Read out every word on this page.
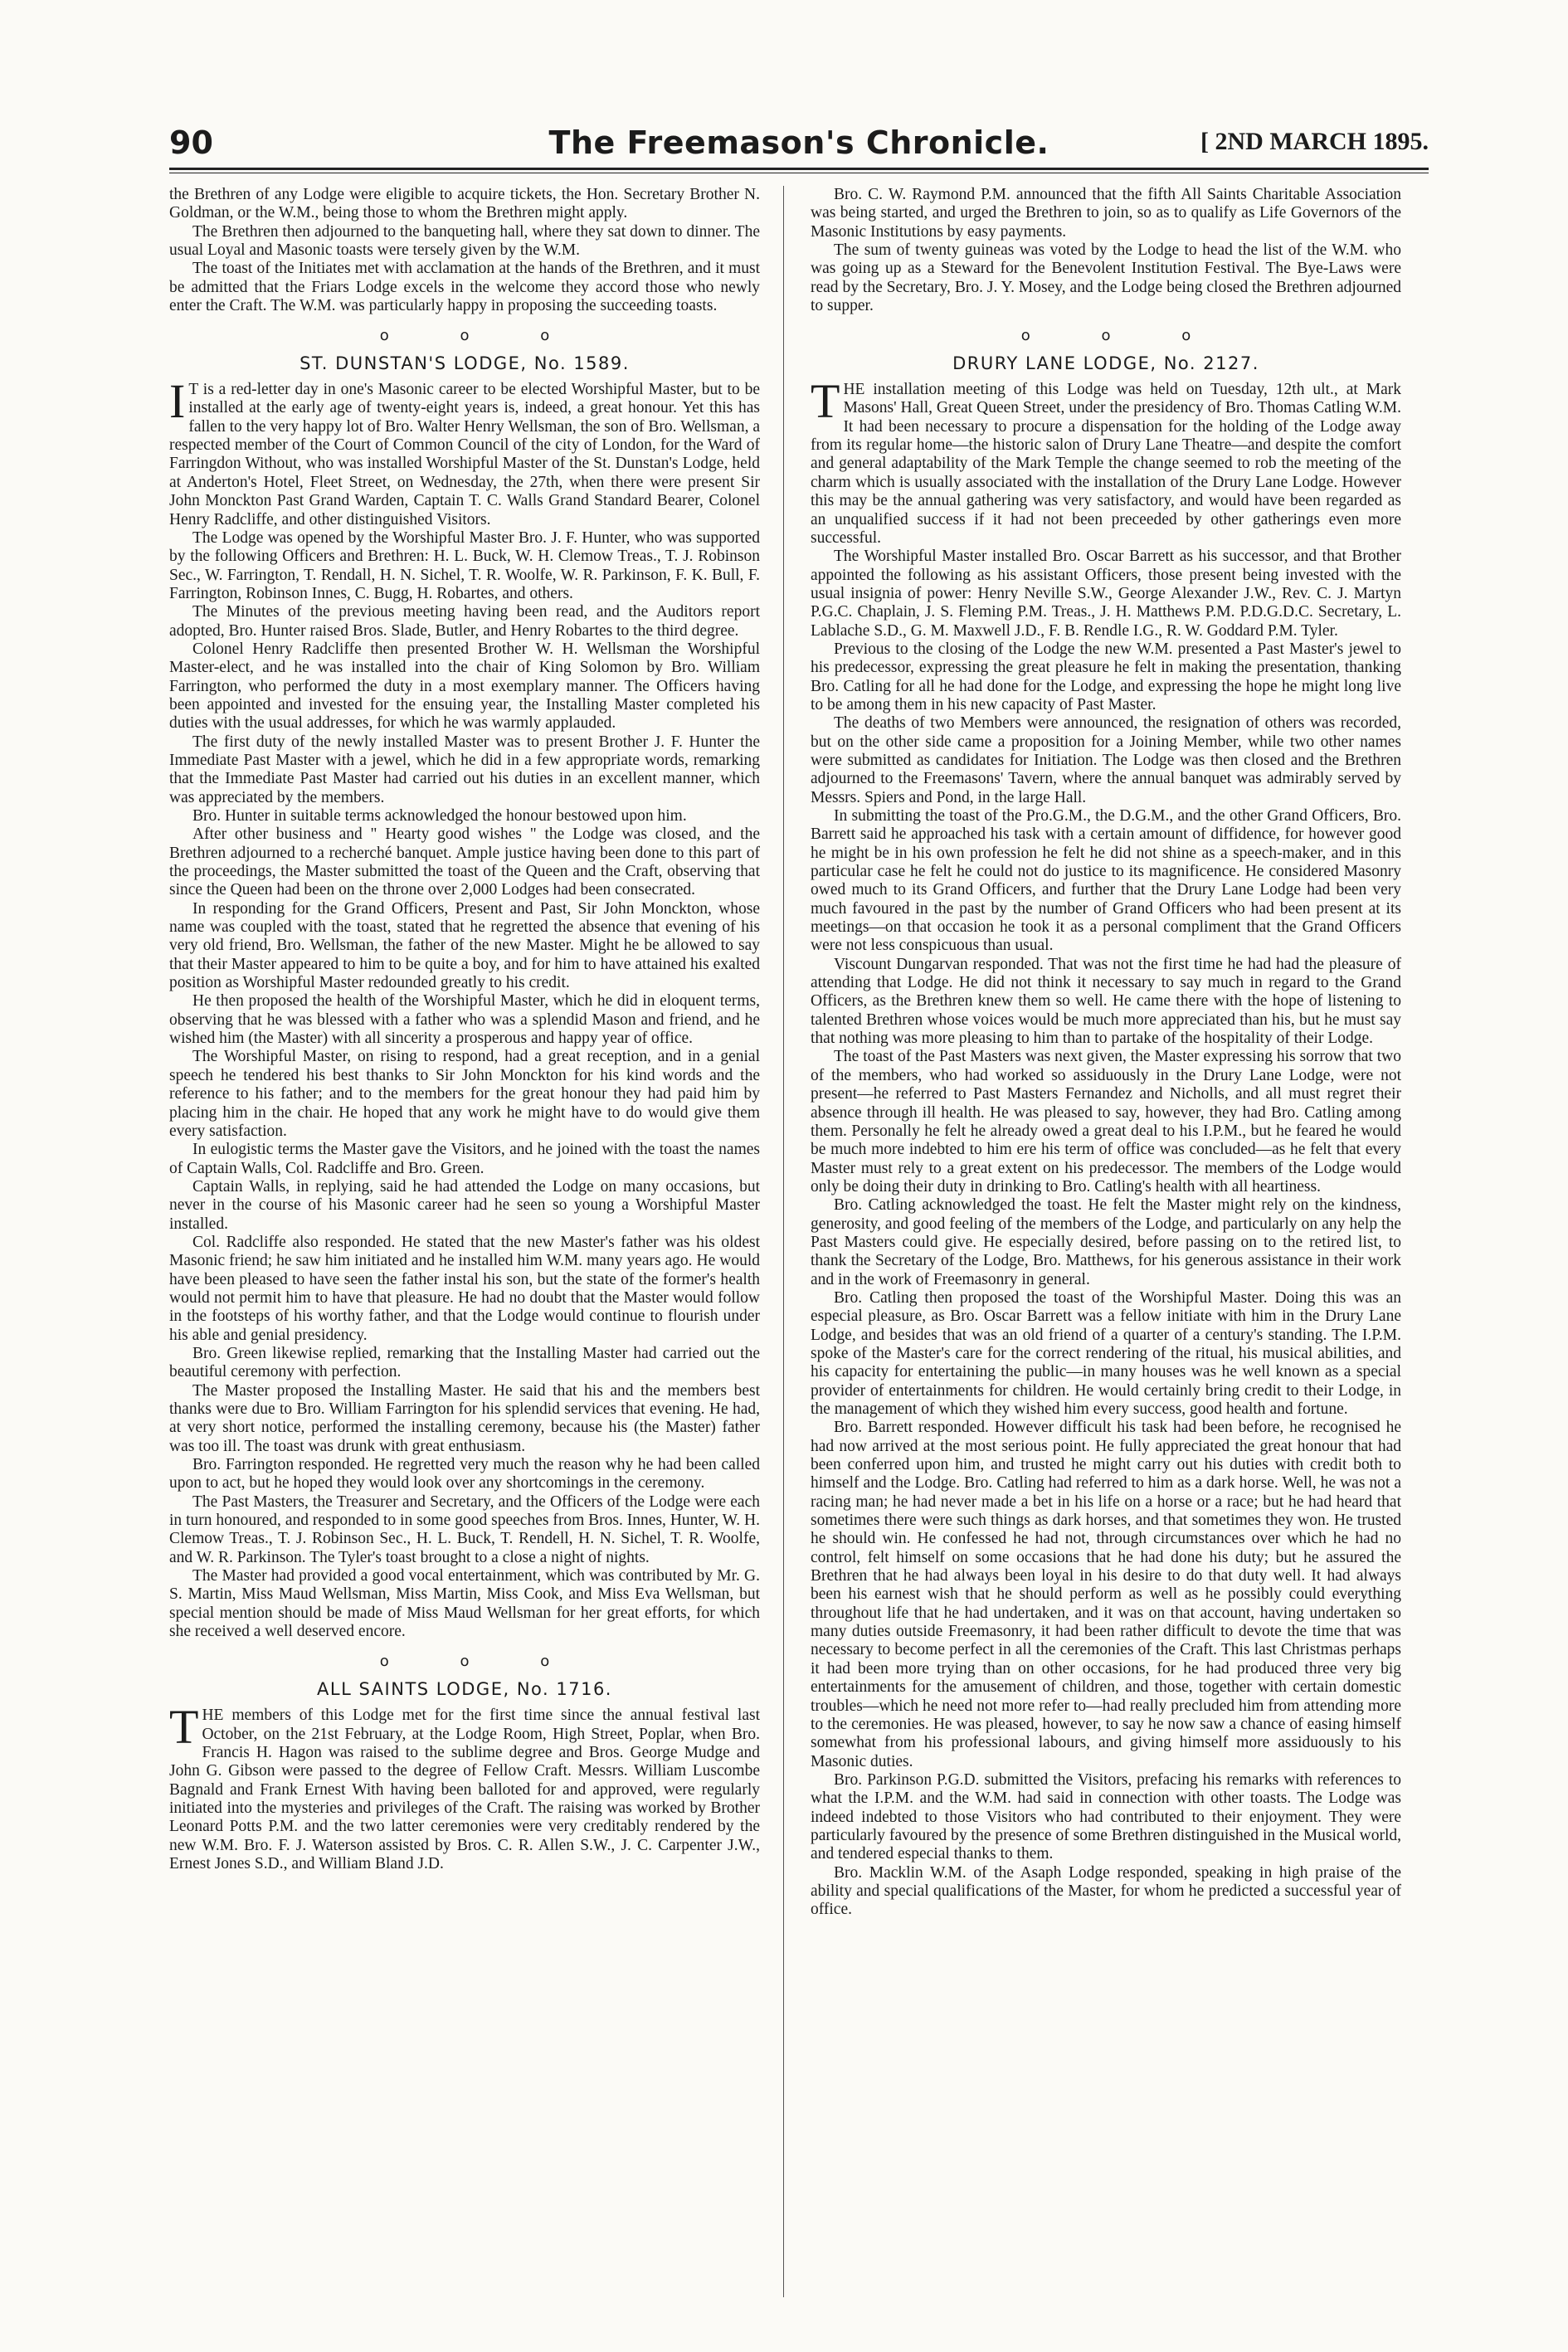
90	The Freemason's Chronicle.	[ 2ND MARCH 1895.

the Brethren of any Lodge were eligible to acquire tickets, the Hon. Secretary Brother N. Goldman, or the W.M., being those to whom the Brethren might apply.

The Brethren then adjourned to the banqueting hall, where they sat down to dinner. The usual Loyal and Masonic toasts were tersely given by the W.M.

The toast of the Initiates met with acclamation at the hands of the Brethren, and it must be admitted that the Friars Lodge excels in the welcome they accord those who newly enter the Craft. The W.M. was particularly happy in proposing the succeeding toasts.

o o o
ST. DUNSTAN'S LODGE, No. 1589.

I T is a red-letter day in one's Masonic career to be elected Worshipful Master, but to be installed at the early age of twenty-eight years is, indeed, a great honour. Yet this has fallen to the very happy lot of Bro. Walter Henry Wellsman, the son of Bro. Wellsman, a respected member of the Court of Common Council of the city of London, for the Ward of Farringdon Without, who was installed Worshipful Master of the St. Dunstan's Lodge, held at Anderton's Hotel, Fleet Street, on Wednesday, the 27th, when there were present Sir John Monckton Past Grand Warden, Captain T. C. Walls Grand Standard Bearer, Colonel Henry Radcliffe, and other distinguished Visitors.

The Lodge was opened by the Worshipful Master Bro. J. F. Hunter, who was supported by the following Officers and Brethren: H. L. Buck, W. H. Clemow Treas., T. J. Robinson Sec., W. Farrington, T. Rendall, H. N. Sichel, T. R. Woolfe, W. R. Parkinson, F. K. Bull, F. Farrington, Robinson Innes, C. Bugg, H. Robartes, and others.

The Minutes of the previous meeting having been read, and the Auditors report adopted, Bro. Hunter raised Bros. Slade, Butler, and Henry Robartes to the third degree.

Colonel Henry Radcliffe then presented Brother W. H. Wellsman the Worshipful Master-elect, and he was installed into the chair of King Solomon by Bro. William Farrington, who performed the duty in a most exemplary manner. The Officers having been appointed and invested for the ensuing year, the Installing Master completed his duties with the usual addresses, for which he was warmly applauded.

The first duty of the newly installed Master was to present Brother J. F. Hunter the Immediate Past Master with a jewel, which he did in a few appropriate words, remarking that the Immediate Past Master had carried out his duties in an excellent manner, which was appreciated by the members.

Bro. Hunter in suitable terms acknowledged the honour bestowed upon him.

After other business and " Hearty good wishes " the Lodge was closed, and the Brethren adjourned to a recherché banquet. Ample justice having been done to this part of the proceedings, the Master submitted the toast of the Queen and the Craft, observing that since the Queen had been on the throne over 2,000 Lodges had been consecrated.

In responding for the Grand Officers, Present and Past, Sir John Monckton, whose name was coupled with the toast, stated that he regretted the absence that evening of his very old friend, Bro. Wellsman, the father of the new Master. Might he be allowed to say that their Master appeared to him to be quite a boy, and for him to have attained his exalted position as Worshipful Master redounded greatly to his credit.

He then proposed the health of the Worshipful Master, which he did in eloquent terms, observing that he was blessed with a father who was a splendid Mason and friend, and he wished him (the Master) with all sincerity a prosperous and happy year of office.

The Worshipful Master, on rising to respond, had a great reception, and in a genial speech he tendered his best thanks to Sir John Monckton for his kind words and the reference to his father; and to the members for the great honour they had paid him by placing him in the chair. He hoped that any work he might have to do would give them every satisfaction.

In eulogistic terms the Master gave the Visitors, and he joined with the toast the names of Captain Walls, Col. Radcliffe and Bro. Green.

Captain Walls, in replying, said he had attended the Lodge on many occasions, but never in the course of his Masonic career had he seen so young a Worshipful Master installed.

Col. Radcliffe also responded. He stated that the new Master's father was his oldest Masonic friend; he saw him initiated and he installed him W.M. many years ago. He would have been pleased to have seen the father instal his son, but the state of the former's health would not permit him to have that pleasure. He had no doubt that the Master would follow in the footsteps of his worthy father, and that the Lodge would continue to flourish under his able and genial presidency.

Bro. Green likewise replied, remarking that the Installing Master had carried out the beautiful ceremony with perfection.

The Master proposed the Installing Master. He said that his and the members best thanks were due to Bro. William Farrington for his splendid services that evening. He had, at very short notice, performed the installing ceremony, because his (the Master) father was too ill. The toast was drunk with great enthusiasm.

Bro. Farrington responded. He regretted very much the reason why he had been called upon to act, but he hoped they would look over any shortcomings in the ceremony.

The Past Masters, the Treasurer and Secretary, and the Officers of the Lodge were each in turn honoured, and responded to in some good speeches from Bros. Innes, Hunter, W. H. Clemow Treas., T. J. Robinson Sec., H. L. Buck, T. Rendell, H. N. Sichel, T. R. Woolfe, and W. R. Parkinson. The Tyler's toast brought to a close a night of nights.

The Master had provided a good vocal entertainment, which was contributed by Mr. G. S. Martin, Miss Maud Wellsman, Miss Martin, Miss Cook, and Miss Eva Wellsman, but special mention should be made of Miss Maud Wellsman for her great efforts, for which she received a well deserved encore.

o o o
ALL SAINTS LODGE, No. 1716.

THE members of this Lodge met for the first time since the annual festival last October, on the 21st February, at the Lodge Room, High Street, Poplar, when Bro. Francis H. Hagon was raised to the sublime degree and Bros. George Mudge and John G. Gibson were passed to the degree of Fellow Craft. Messrs. William Luscombe Bagnald and Frank Ernest With having been balloted for and approved, were regularly initiated into the mysteries and privileges of the Craft. The raising was worked by Brother Leonard Potts P.M. and the two latter ceremonies were very creditably rendered by the new W.M. Bro. F. J. Waterson assisted by Bros. C. R. Allen S.W., J. C. Carpenter J.W., Ernest Jones S.D., and William Bland J.D.

Bro. C. W. Raymond P.M. announced that the fifth All Saints Charitable Association was being started, and urged the Brethren to join, so as to qualify as Life Governors of the Masonic Institutions by easy payments.

The sum of twenty guineas was voted by the Lodge to head the list of the W.M. who was going up as a Steward for the Benevolent Institution Festival. The Bye-Laws were read by the Secretary, Bro. J. Y. Mosey, and the Lodge being closed the Brethren adjourned to supper.

o o o
DRURY LANE LODGE, No. 2127.

THE installation meeting of this Lodge was held on Tuesday, 12th ult., at Mark Masons' Hall, Great Queen Street, under the presidency of Bro. Thomas Catling W.M. It had been necessary to procure a dispensation for the holding of the Lodge away from its regular home—the historic salon of Drury Lane Theatre—and despite the comfort and general adaptability of the Mark Temple the change seemed to rob the meeting of the charm which is usually associated with the installation of the Drury Lane Lodge. However this may be the annual gathering was very satisfactory, and would have been regarded as an unqualified success if it had not been preceeded by other gatherings even more successful.

The Worshipful Master installed Bro. Oscar Barrett as his successor, and that Brother appointed the following as his assistant Officers, those present being invested with the usual insignia of power: Henry Neville S.W., George Alexander J.W., Rev. C. J. Martyn P.G.C. Chaplain, J. S. Fleming P.M. Treas., J. H. Matthews P.M. P.D.G.D.C. Secretary, L. Lablache S.D., G. M. Maxwell J.D., F. B. Rendle I.G., R. W. Goddard P.M. Tyler.

Previous to the closing of the Lodge the new W.M. presented a Past Master's jewel to his predecessor, expressing the great pleasure he felt in making the presentation, thanking Bro. Catling for all he had done for the Lodge, and expressing the hope he might long live to be among them in his new capacity of Past Master.

The deaths of two Members were announced, the resignation of others was recorded, but on the other side came a proposition for a Joining Member, while two other names were submitted as candidates for Initiation. The Lodge was then closed and the Brethren adjourned to the Freemasons' Tavern, where the annual banquet was admirably served by Messrs. Spiers and Pond, in the large Hall.

In submitting the toast of the Pro.G.M., the D.G.M., and the other Grand Officers, Bro. Barrett said he approached his task with a certain amount of diffidence, for however good he might be in his own profession he felt he did not shine as a speech-maker, and in this particular case he felt he could not do justice to its magnificence. He considered Masonry owed much to its Grand Officers, and further that the Drury Lane Lodge had been very much favoured in the past by the number of Grand Officers who had been present at its meetings—on that occasion he took it as a personal compliment that the Grand Officers were not less conspicuous than usual.

Viscount Dungarvan responded. That was not the first time he had had the pleasure of attending that Lodge. He did not think it necessary to say much in regard to the Grand Officers, as the Brethren knew them so well. He came there with the hope of listening to talented Brethren whose voices would be much more appreciated than his, but he must say that nothing was more pleasing to him than to partake of the hospitality of their Lodge.

The toast of the Past Masters was next given, the Master expressing his sorrow that two of the members, who had worked so assiduously in the Drury Lane Lodge, were not present—he referred to Past Masters Fernandez and Nicholls, and all must regret their absence through ill health. He was pleased to say, however, they had Bro. Catling among them. Personally he felt he already owed a great deal to his I.P.M., but he feared he would be much more indebted to him ere his term of office was concluded—as he felt that every Master must rely to a great extent on his predecessor. The members of the Lodge would only be doing their duty in drinking to Bro. Catling's health with all heartiness.

Bro. Catling acknowledged the toast. He felt the Master might rely on the kindness, generosity, and good feeling of the members of the Lodge, and particularly on any help the Past Masters could give. He especially desired, before passing on to the retired list, to thank the Secretary of the Lodge, Bro. Matthews, for his generous assistance in their work and in the work of Freemasonry in general.

Bro. Catling then proposed the toast of the Worshipful Master. Doing this was an especial pleasure, as Bro. Oscar Barrett was a fellow initiate with him in the Drury Lane Lodge, and besides that was an old friend of a quarter of a century's standing. The I.P.M. spoke of the Master's care for the correct rendering of the ritual, his musical abilities, and his capacity for entertaining the public—in many houses was he well known as a special provider of entertainments for children. He would certainly bring credit to their Lodge, in the management of which they wished him every success, good health and fortune.

Bro. Barrett responded. However difficult his task had been before, he recognised he had now arrived at the most serious point. He fully appreciated the great honour that had been conferred upon him, and trusted he might carry out his duties with credit both to himself and the Lodge. Bro. Catling had referred to him as a dark horse. Well, he was not a racing man; he had never made a bet in his life on a horse or a race; but he had heard that sometimes there were such things as dark horses, and that sometimes they won. He trusted he should win. He confessed he had not, through circumstances over which he had no control, felt himself on some occasions that he had done his duty; but he assured the Brethren that he had always been loyal in his desire to do that duty well. It had always been his earnest wish that he should perform as well as he possibly could everything throughout life that he had undertaken, and it was on that account, having undertaken so many duties outside Freemasonry, it had been rather difficult to devote the time that was necessary to become perfect in all the ceremonies of the Craft. This last Christmas perhaps it had been more trying than on other occasions, for he had produced three very big entertainments for the amusement of children, and those, together with certain domestic troubles—which he need not more refer to—had really precluded him from attending more to the ceremonies. He was pleased, however, to say he now saw a chance of easing himself somewhat from his professional labours, and giving himself more assiduously to his Masonic duties.

Bro. Parkinson P.G.D. submitted the Visitors, prefacing his remarks with references to what the I.P.M. and the W.M. had said in connection with other toasts. The Lodge was indeed indebted to those Visitors who had contributed to their enjoyment. They were particularly favoured by the presence of some Brethren distinguished in the Musical world, and tendered especial thanks to them.

Bro. Macklin W.M. of the Asaph Lodge responded, speaking in high praise of the ability and special qualifications of the Master, for whom he predicted a successful year of office.
